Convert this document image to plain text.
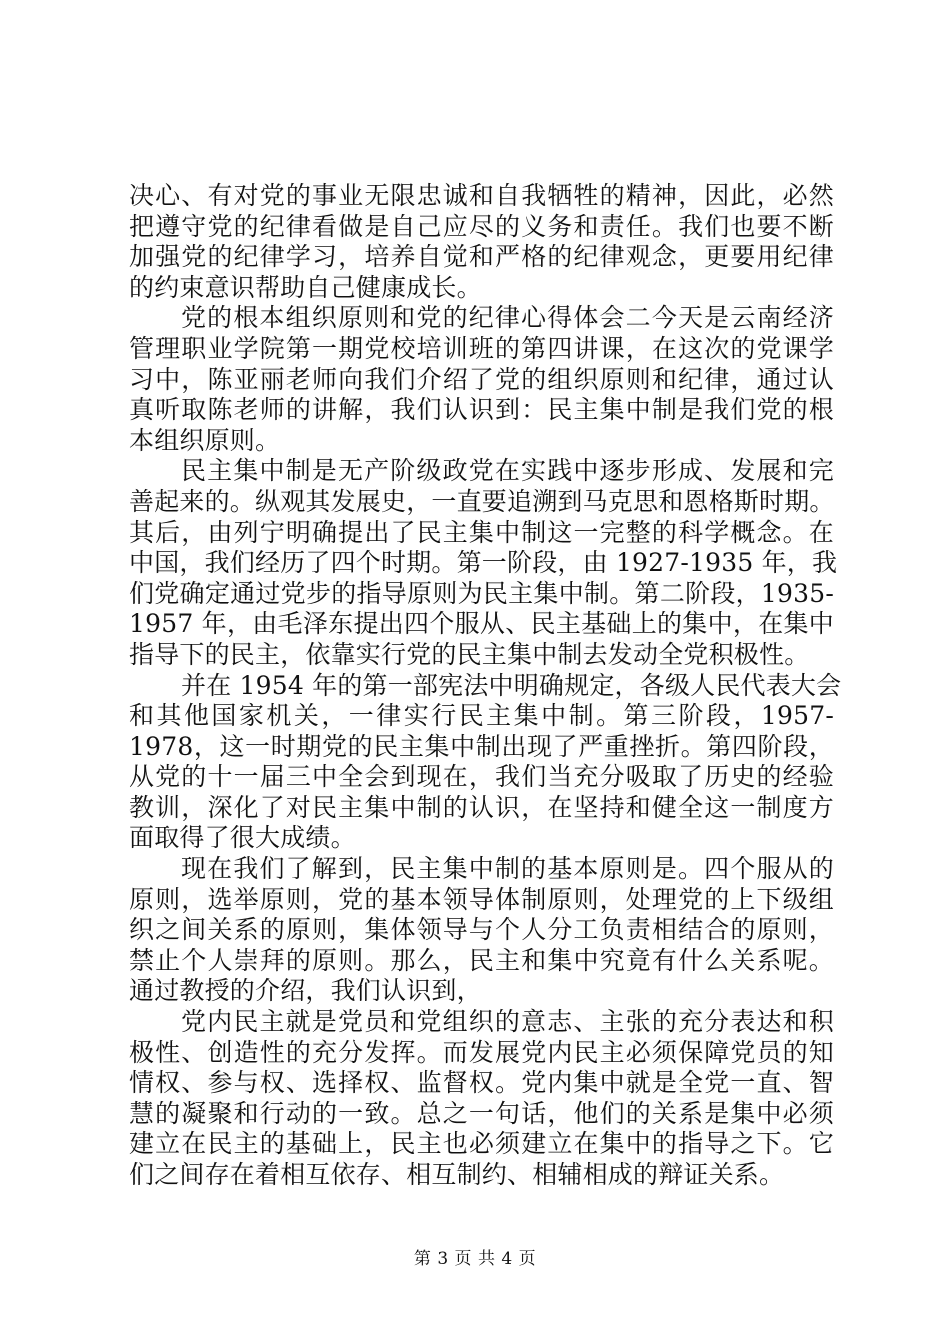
决心、有对党的事业无限忠诚和自我牺牲的精神，因此，必然
把遵守党的纪律看做是自己应尽的义务和责任。我们也要不断
加强党的纪律学习，培养自觉和严格的纪律观念，更要用纪律
的约束意识帮助自己健康成长。
党的根本组织原则和党的纪律心得体会二今天是云南经济
管理职业学院第一期党校培训班的第四讲课，在这次的党课学
习中，陈亚丽老师向我们介绍了党的组织原则和纪律，通过认
真听取陈老师的讲解，我们认识到：民主集中制是我们党的根
本组织原则。
民主集中制是无产阶级政党在实践中逐步形成、发展和完
善起来的。纵观其发展史，一直要追溯到马克思和恩格斯时期。
其后，由列宁明确提出了民主集中制这一完整的科学概念。在
中国，我们经历了四个时期。第一阶段，由 1927-1935 年，我
们党确定通过党步的指导原则为民主集中制。第二阶段，1935-
1957 年，由毛泽东提出四个服从、民主基础上的集中，在集中
指导下的民主，依靠实行党的民主集中制去发动全党积极性。
并在 1954 年的第一部宪法中明确规定，各级人民代表大会
和其他国家机关，一律实行民主集中制。第三阶段，1957-
1978，这一时期党的民主集中制出现了严重挫折。第四阶段，
从党的十一届三中全会到现在，我们当充分吸取了历史的经验
教训，深化了对民主集中制的认识，在坚持和健全这一制度方
面取得了很大成绩。
现在我们了解到，民主集中制的基本原则是。四个服从的
原则，选举原则，党的基本领导体制原则，处理党的上下级组
织之间关系的原则，集体领导与个人分工负责相结合的原则，
禁止个人崇拜的原则。那么，民主和集中究竟有什么关系呢。
通过教授的介绍，我们认识到，
党内民主就是党员和党组织的意志、主张的充分表达和积
极性、创造性的充分发挥。而发展党内民主必须保障党员的知
情权、参与权、选择权、监督权。党内集中就是全党一直、智
慧的凝聚和行动的一致。总之一句话，他们的关系是集中必须
建立在民主的基础上，民主也必须建立在集中的指导之下。它
们之间存在着相互依存、相互制约、相辅相成的辩证关系。
第 3 页 共 4 页
